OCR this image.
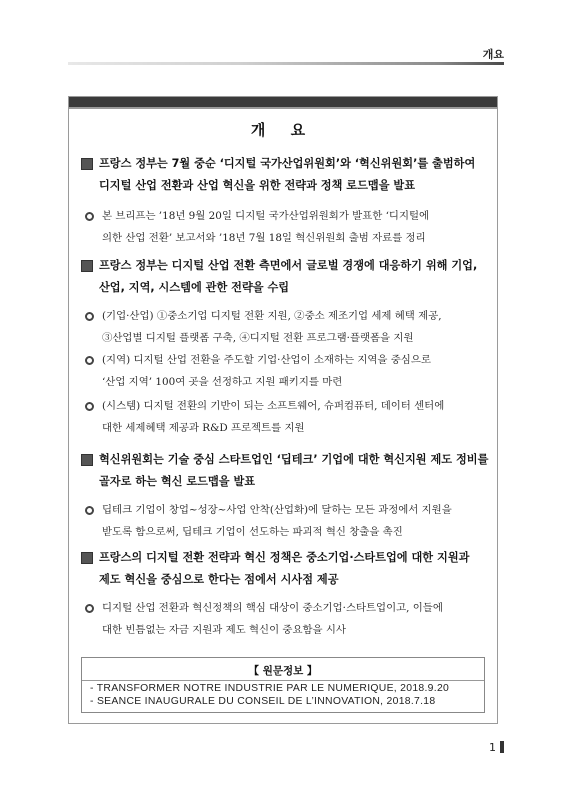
개요
개 요
프랑스 정부는 7월 중순 ‘디지털 국가산업위원회’와 ‘혁신위원회’를 출범하여
디지털 산업 전환과 산업 혁신을 위한 전략과 정책 로드맵을 발표
본 브리프는 ’18년 9월 20일 디지털 국가산업위원회가 발표한 ‘디지털에
의한 산업 전환’ 보고서와 ’18년 7월 18일 혁신위원회 출범 자료를 정리
프랑스 정부는 디지털 산업 전환 측면에서 글로벌 경쟁에 대응하기 위해 기업,
산업, 지역, 시스템에 관한 전략을 수립
(기업·산업) ①중소기업 디지털 전환 지원, ②중소 제조기업 세제 혜택 제공,
③산업별 디지털 플랫폼 구축, ④디지털 전환 프로그램·플랫폼을 지원
(지역) 디지털 산업 전환을 주도할 기업·산업이 소재하는 지역을 중심으로
‘산업 지역’ 100여 곳을 선정하고 지원 패키지를 마련
(시스템) 디지털 전환의 기반이 되는 소프트웨어, 슈퍼컴퓨터, 데이터 센터에
대한 세제혜택 제공과 R&D 프로젝트를 지원
혁신위원회는 기술 중심 스타트업인 ‘딥테크’ 기업에 대한 혁신지원 제도 정비를
골자로 하는 혁신 로드맵을 발표
딥테크 기업이 창업~성장~사업 안착(산업화)에 달하는 모든 과정에서 지원을
받도록 함으로써, 딥테크 기업이 선도하는 파괴적 혁신 창출을 촉진
프랑스의 디지털 전환 전략과 혁신 정책은 중소기업·스타트업에 대한 지원과
제도 혁신을 중심으로 한다는 점에서 시사점 제공
디지털 산업 전환과 혁신정책의 핵심 대상이 중소기업·스타트업이고, 이들에
대한 빈틈없는 자금 지원과 제도 혁신이 중요함을 시사
【 원문정보 】
- TRANSFORMER NOTRE INDUSTRIE PAR LE NUMERIQUE, 2018.9.20
- SEANCE INAUGURALE DU CONSEIL DE L’INNOVATION, 2018.7.18
1
